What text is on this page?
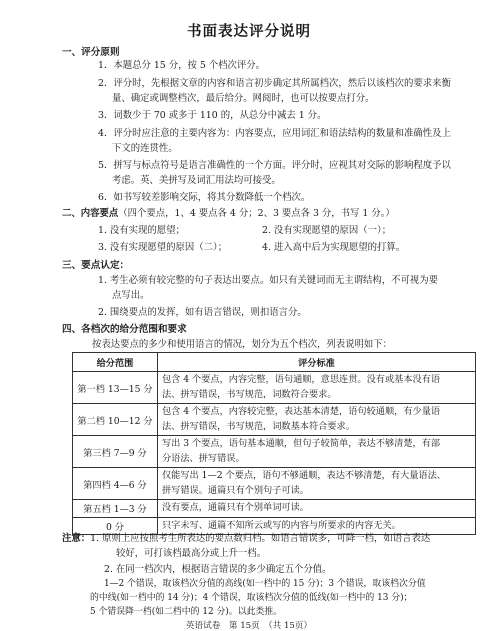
书面表达评分说明
一、评分原则
1．本题总分 15 分，按 5 个档次评分。
2．评分时，先根据文章的内容和语言初步确定其所属档次，然后以该档次的要求来衡
量、确定或调整档次，最后给分。网阅时，也可以按要点打分。
3．词数少于 70 或多于 110 的，从总分中减去 1 分。
4．评分时应注意的主要内容为：内容要点，应用词汇和语法结构的数量和准确性及上
下文的连贯性。
5．拼写与标点符号是语言准确性的一个方面。评分时，应视其对交际的影响程度予以
考虑。英、美拼写及词汇用法均可接受。
6．如书写较差影响交际，将其分数降低一个档次。
二、内容要点（四个要点，1、4 要点各 4 分；2、3 要点各 3 分，书写 1 分。）
1. 没有实现的愿望；	2. 没有实现愿望的原因（一）；
3. 没有实现愿望的原因（二）；	4. 进入高中后为实现愿望的打算。
三、要点认定：
1. 考生必须有较完整的句子表达出要点。如只有关键词而无主谓结构，不可视为要
点写出。
2. 围绕要点的发挥，如有语言错误，则扣语言分。
四、各档次的给分范围和要求
给分范围	评分标准
第一档 13—15 分	包含 4 个要点，内容完整，语句通顺，意思连贯。没有或基本没有语
法、拼写错误，书写规范，词数符合要求。
第二档 10—12 分	包含 4 个要点，内容较完整，表达基本清楚，语句较通顺，有少量语
法、拼写错误，书写规范，词数基本符合要求。
第三档 7—9 分	写出 3 个要点，语句基本通顺，但句子较简单，表达不够清楚，有部
分语法、拼写错误。
第四档 4—6 分	仅能写出 1—2 个要点，语句不够通顺，表达不够清楚，有大量语法、
拼写错误。通篇只有个别句子可读。
第五档 1—3 分	没有要点，通篇只有个别单词可读。
0 分	只字未写、通篇不知所云或写的内容与所要求的内容无关。
注意：1. 原则上应按照考生所表达的要点数归档。如语言错误多，可降一档，如语言表达
较好，可打该档最高分或上升一档。
2. 在同一档次内，根据语言错误的多少确定五个分值。
1—2 个错误，取该档次分值的高线(如一档中的 15 分)；3 个错误，取该档次分值
的中线(如一档中的 14 分)；4 个错误，取该档次分值的低线(如一档中的 13 分)；
5 个错误降一档(如二档中的 12 分)。以此类推。
英语试卷　第 15页　（共 15页）
按表达要点的多少和使用语言的情况，划分为五个档次，列表说明如下：
